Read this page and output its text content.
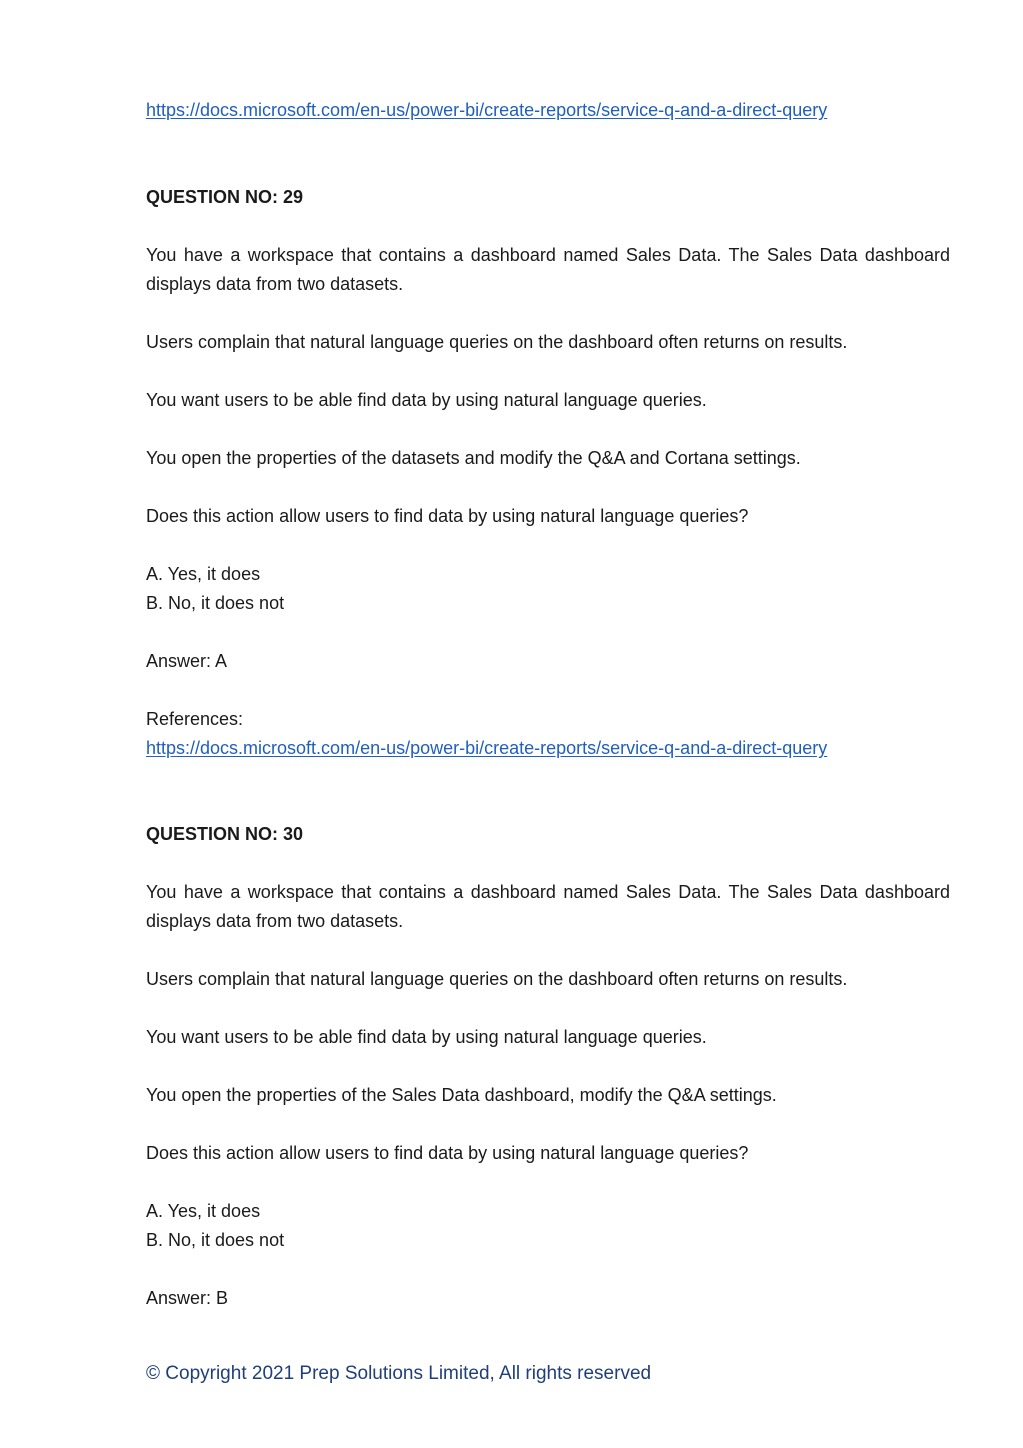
https://docs.microsoft.com/en-us/power-bi/create-reports/service-q-and-a-direct-query
QUESTION NO: 29
You have a workspace that contains a dashboard named Sales Data. The Sales Data dashboard displays data from two datasets.
Users complain that natural language queries on the dashboard often returns on results.
You want users to be able find data by using natural language queries.
You open the properties of the datasets and modify the Q&A and Cortana settings.
Does this action allow users to find data by using natural language queries?
A. Yes, it does
B. No, it does not
Answer: A
References:
https://docs.microsoft.com/en-us/power-bi/create-reports/service-q-and-a-direct-query
QUESTION NO: 30
You have a workspace that contains a dashboard named Sales Data. The Sales Data dashboard displays data from two datasets.
Users complain that natural language queries on the dashboard often returns on results.
You want users to be able find data by using natural language queries.
You open the properties of the Sales Data dashboard, modify the Q&A settings.
Does this action allow users to find data by using natural language queries?
A. Yes, it does
B. No, it does not
Answer: B
© Copyright 2021 Prep Solutions Limited, All rights reserved
